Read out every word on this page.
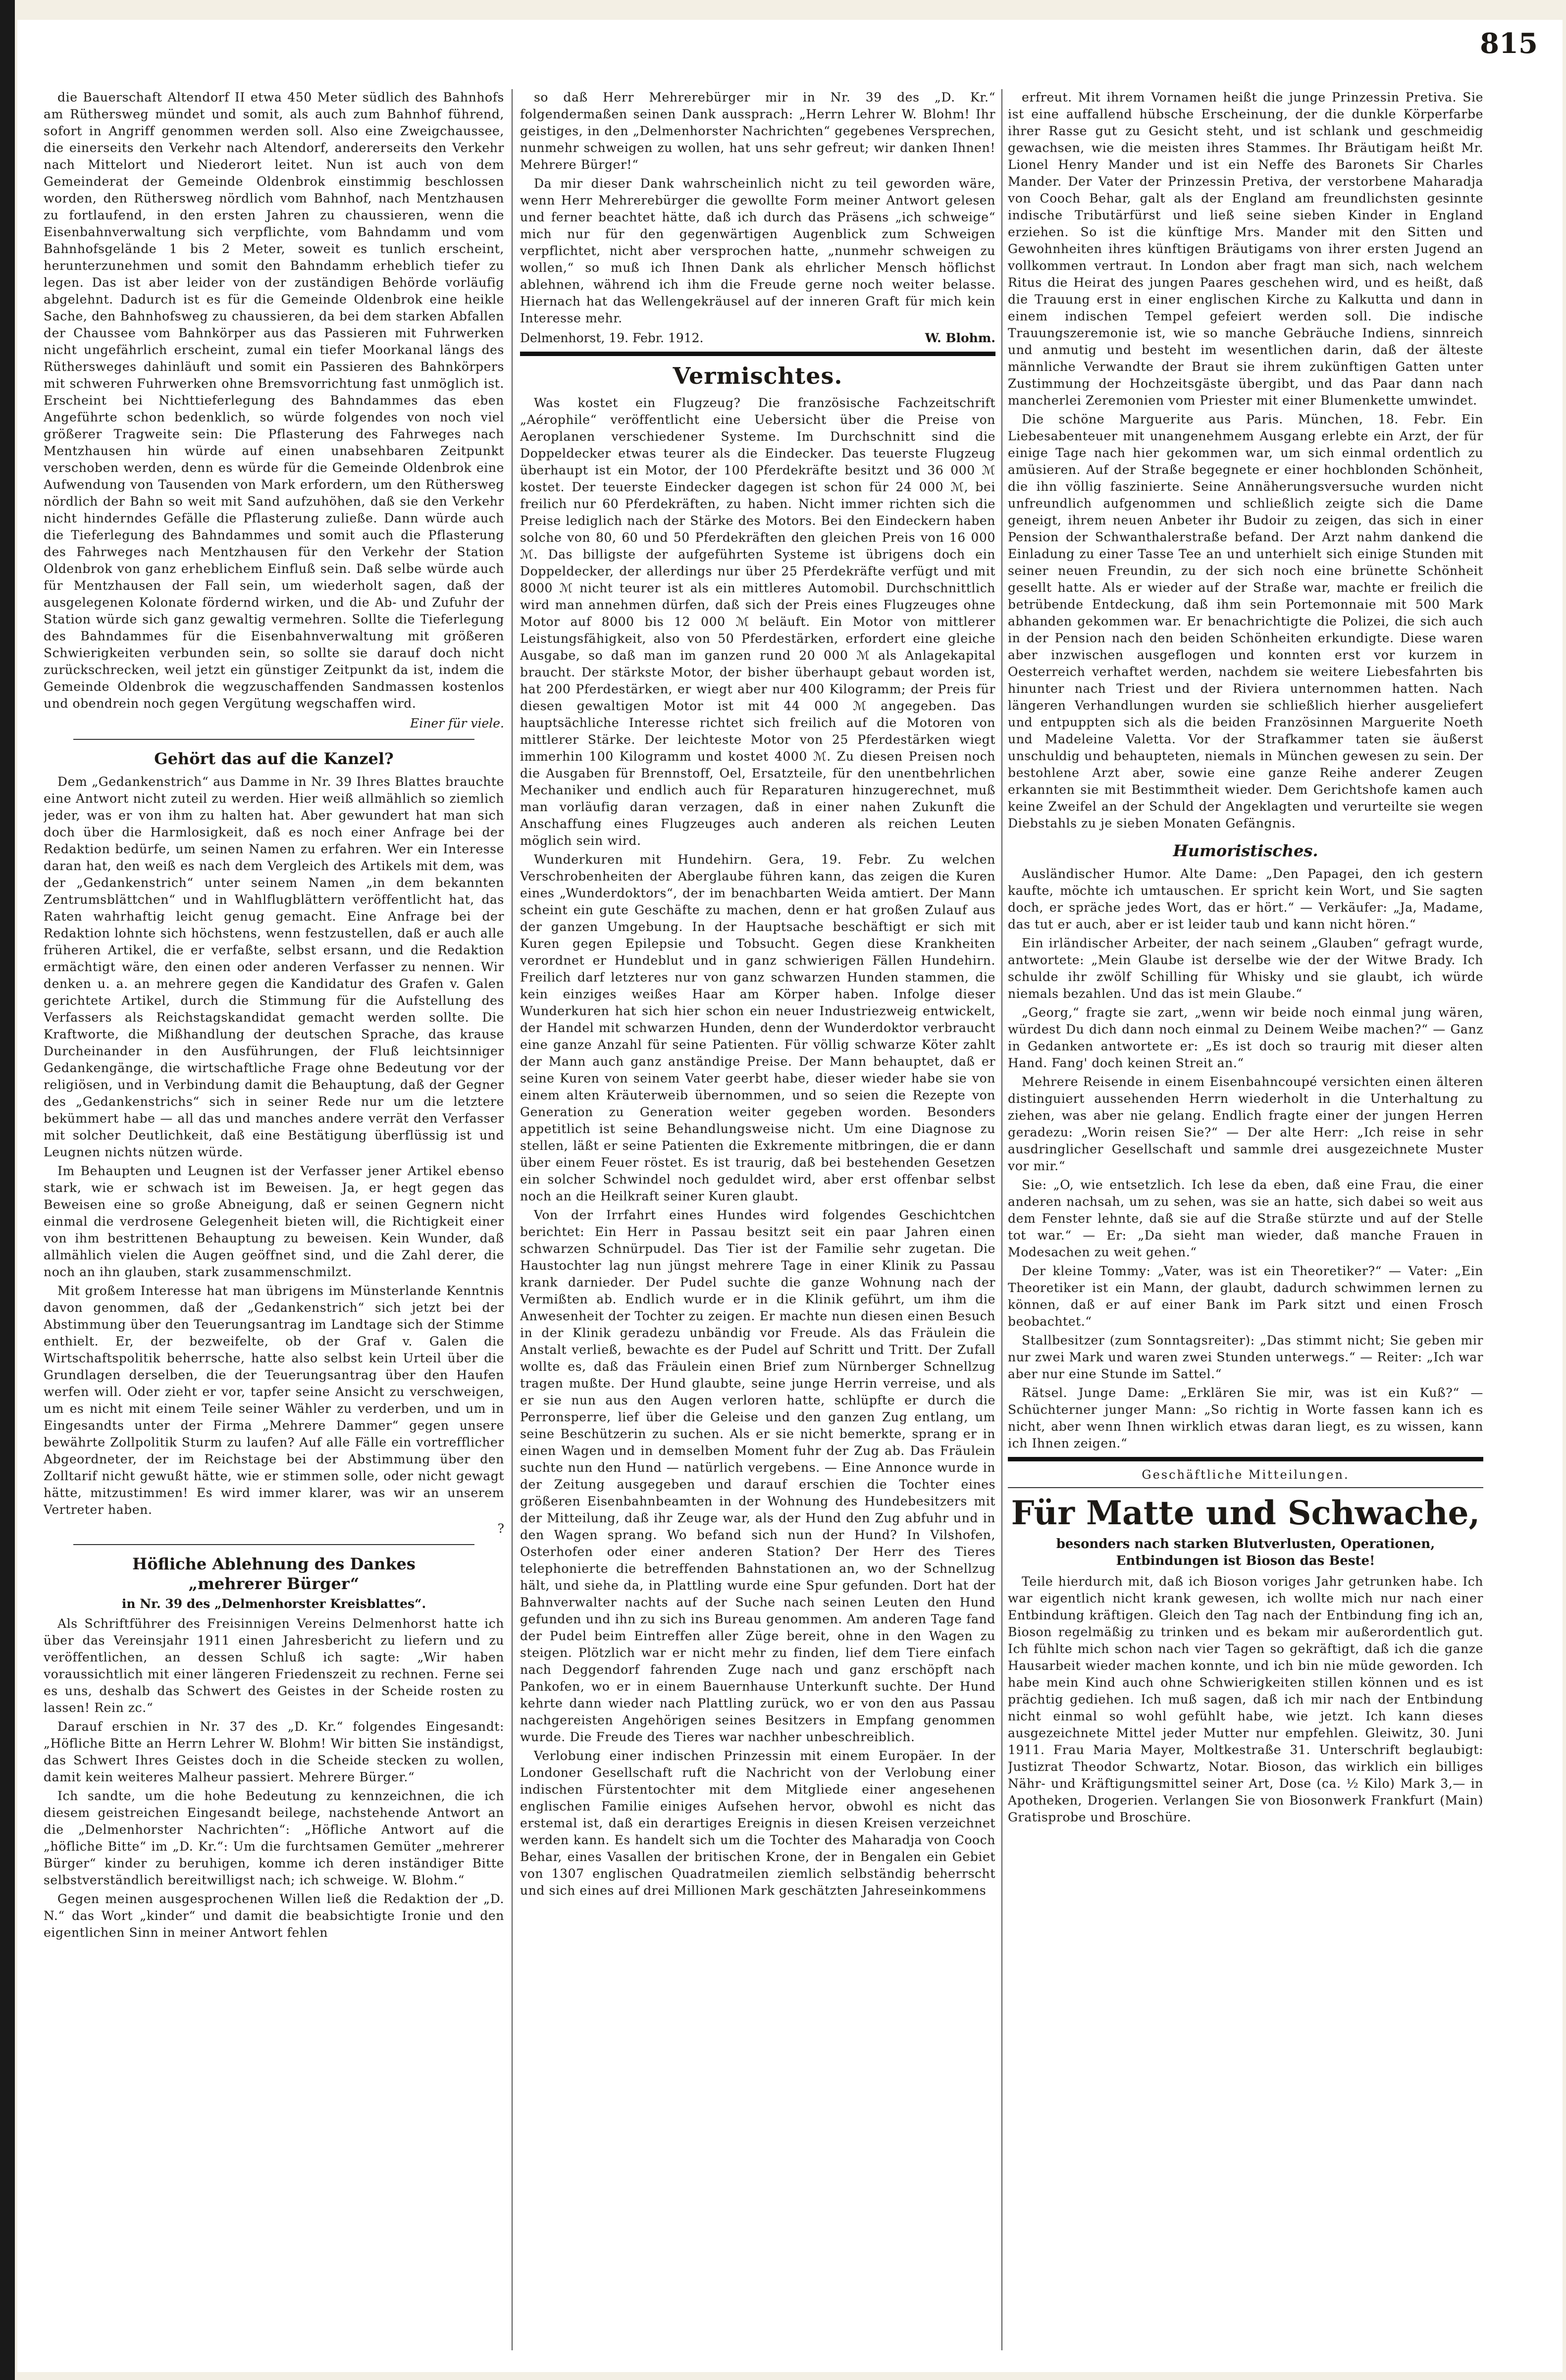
815

die Bauerschaft Altendorf II etwa 450 Meter südlich des Bahnhofs am Rüthersweg mündet und somit, als auch zum Bahnhof führend, sofort in Angriff genommen werden soll. Also eine Zweigchaussee, die einerseits den Verkehr nach Altendorf, andererseits den Verkehr nach Mittelort und Niederort leitet. Nun ist auch von dem Gemeinderat der Gemeinde Oldenbrok einstimmig beschlossen worden, den Rüthersweg nördlich vom Bahnhof, nach Mentzhausen zu fortlaufend, in den ersten Jahren zu chaussieren, wenn die Eisenbahnverwaltung sich verpflichte, vom Bahndamm und vom Bahnhofsgelände 1 bis 2 Meter, soweit es tunlich erscheint, herunterzunehmen und somit den Bahndamm erheblich tiefer zu legen. Das ist aber leider von der zuständigen Behörde vorläufig abgelehnt. Dadurch ist es für die Gemeinde Oldenbrok eine heikle Sache, den Bahnhofsweg zu chaussieren, da bei dem starken Abfallen der Chaussee vom Bahnkörper aus das Passieren mit Fuhrwerken nicht ungefährlich erscheint, zumal ein tiefer Moorkanal längs des Rüthersweges dahinläuft und somit ein Passieren des Bahnkörpers mit schweren Fuhrwerken ohne Bremsvorrichtung fast unmöglich ist. Erscheint bei Nichttieferlegung des Bahndammes das eben Angeführte schon bedenklich, so würde folgendes von noch viel größerer Tragweite sein: Die Pflasterung des Fahrweges nach Mentzhausen hin würde auf einen unabsehbaren Zeitpunkt verschoben werden, denn es würde für die Gemeinde Oldenbrok eine Aufwendung von Tausenden von Mark erfordern, um den Rüthersweg nördlich der Bahn so weit mit Sand aufzuhöhen, daß sie den Verkehr nicht hinderndes Gefälle die Pflasterung zuließe. Dann würde auch die Tieferlegung des Bahndammes und somit auch die Pflasterung des Fahrweges nach Mentzhausen für den Verkehr der Station Oldenbrok von ganz erheblichem Einfluß sein. Daß selbe würde auch für Mentzhausen der Fall sein, um wiederholt sagen, daß der ausgelegenen Kolonate fördernd wirken, und die Ab- und Zufuhr der Station würde sich ganz gewaltig vermehren. Sollte die Tieferlegung des Bahndammes für die Eisenbahnverwaltung mit größeren Schwierigkeiten verbunden sein, so sollte sie darauf doch nicht zurückschrecken, weil jetzt ein günstiger Zeitpunkt da ist, indem die Gemeinde Oldenbrok die wegzuschaffenden Sandmassen kostenlos und obendrein noch gegen Vergütung wegschaffen wird.

Einer für viele.
Gehört das auf die Kanzel?

Dem „Gedankenstrich“ aus Damme in Nr. 39 Ihres Blattes brauchte eine Antwort nicht zuteil zu werden. Hier weiß allmählich so ziemlich jeder, was er von ihm zu halten hat. Aber gewundert hat man sich doch über die Harmlosigkeit, daß es noch einer Anfrage bei der Redaktion bedürfe, um seinen Namen zu erfahren. Wer ein Interesse daran hat, den weiß es nach dem Vergleich des Artikels mit dem, was der „Gedankenstrich“ unter seinem Namen „in dem bekannten Zentrumsblättchen“ und in Wahlflugblättern veröffentlicht hat, das Raten wahrhaftig leicht genug gemacht. Eine Anfrage bei der Redaktion lohnte sich höchstens, wenn festzustellen, daß er auch alle früheren Artikel, die er verfaßte, selbst ersann, und die Redaktion ermächtigt wäre, den einen oder anderen Verfasser zu nennen. Wir denken u. a. an mehrere gegen die Kandidatur des Grafen v. Galen gerichtete Artikel, durch die Stimmung für die Aufstellung des Verfassers als Reichstagskandidat gemacht werden sollte. Die Kraftworte, die Mißhandlung der deutschen Sprache, das krause Durcheinander in den Ausführungen, der Fluß leichtsinniger Gedankengänge, die wirtschaftliche Frage ohne Bedeutung vor der religiösen, und in Verbindung damit die Behauptung, daß der Gegner des „Gedankenstrichs“ sich in seiner Rede nur um die letztere bekümmert habe — all das und manches andere verrät den Verfasser mit solcher Deutlichkeit, daß eine Bestätigung überflüssig ist und Leugnen nichts nützen würde.

Im Behaupten und Leugnen ist der Verfasser jener Artikel ebenso stark, wie er schwach ist im Beweisen. Ja, er hegt gegen das Beweisen eine so große Abneigung, daß er seinen Gegnern nicht einmal die verdrosene Gelegenheit bieten will, die Richtigkeit einer von ihm bestrittenen Behauptung zu beweisen. Kein Wunder, daß allmählich vielen die Augen geöffnet sind, und die Zahl derer, die noch an ihn glauben, stark zusammenschmilzt.

Mit großem Interesse hat man übrigens im Münsterlande Kenntnis davon genommen, daß der „Gedankenstrich“ sich jetzt bei der Abstimmung über den Teuerungsantrag im Landtage sich der Stimme enthielt. Er, der bezweifelte, ob der Graf v. Galen die Wirtschaftspolitik beherrsche, hatte also selbst kein Urteil über die Grundlagen derselben, die der Teuerungsantrag über den Haufen werfen will. Oder zieht er vor, tapfer seine Ansicht zu verschweigen, um es nicht mit einem Teile seiner Wähler zu verderben, und um in Eingesandts unter der Firma „Mehrere Dammer“ gegen unsere bewährte Zollpolitik Sturm zu laufen? Auf alle Fälle ein vortrefflicher Abgeordneter, der im Reichstage bei der Abstimmung über den Zolltarif nicht gewußt hätte, wie er stimmen solle, oder nicht gewagt hätte, mitzustimmen! Es wird immer klarer, was wir an unserem Vertreter haben.

?
Höfliche Ablehnung des Dankes
„mehrerer Bürger“
in Nr. 39 des „Delmenhorster Kreisblattes“.

Als Schriftführer des Freisinnigen Vereins Delmenhorst hatte ich über das Vereinsjahr 1911 einen Jahresbericht zu liefern und zu veröffentlichen, an dessen Schluß ich sagte: „Wir haben voraussichtlich mit einer längeren Friedenszeit zu rechnen. Ferne sei es uns, deshalb das Schwert des Geistes in der Scheide rosten zu lassen! Rein zc.“

Darauf erschien in Nr. 37 des „D. Kr.“ folgendes Eingesandt: „Höfliche Bitte an Herrn Lehrer W. Blohm! Wir bitten Sie inständigst, das Schwert Ihres Geistes doch in die Scheide stecken zu wollen, damit kein weiteres Malheur passiert. Mehrere Bürger.“

Ich sandte, um die hohe Bedeutung zu kennzeichnen, die ich diesem geistreichen Eingesandt beilege, nachstehende Antwort an die „Delmenhorster Nachrichten“: „Höfliche Antwort auf die „höfliche Bitte“ im „D. Kr.“: Um die furchtsamen Gemüter „mehrerer Bürger“ kinder zu beruhigen, komme ich deren inständiger Bitte selbstverständlich bereitwilligst nach; ich schweige. W. Blohm.“

Gegen meinen ausgesprochenen Willen ließ die Redaktion der „D. N.“ das Wort „kinder“ und damit die beabsichtigte Ironie und den eigentlichen Sinn in meiner Antwort fehlen

so daß Herr Mehrerebürger mir in Nr. 39 des „D. Kr.“ folgendermaßen seinen Dank aussprach: „Herrn Lehrer W. Blohm! Ihr geistiges, in den „Delmenhorster Nachrichten“ gegebenes Versprechen, nunmehr schweigen zu wollen, hat uns sehr gefreut; wir danken Ihnen! Mehrere Bürger!“

Da mir dieser Dank wahrscheinlich nicht zu teil geworden wäre, wenn Herr Mehrerebürger die gewollte Form meiner Antwort gelesen und ferner beachtet hätte, daß ich durch das Präsens „ich schweige“ mich nur für den gegenwärtigen Augenblick zum Schweigen verpflichtet, nicht aber versprochen hatte, „nunmehr schweigen zu wollen,“ so muß ich Ihnen Dank als ehrlicher Mensch höflichst ablehnen, während ich ihm die Freude gerne noch weiter belasse. Hiernach hat das Wellengekräusel auf der inneren Graft für mich kein Interesse mehr.

Delmenhorst, 19. Febr. 1912.	W. Blohm.
Vermischtes.

Was kostet ein Flugzeug? Die französische Fachzeitschrift „Aérophile“ veröffentlicht eine Uebersicht über die Preise von Aeroplanen verschiedener Systeme. Im Durchschnitt sind die Doppeldecker etwas teurer als die Eindecker. Das teuerste Flugzeug überhaupt ist ein Motor, der 100 Pferdekräfte besitzt und 36 000 ℳ kostet. Der teuerste Eindecker dagegen ist schon für 24 000 ℳ, bei freilich nur 60 Pferdekräften, zu haben. Nicht immer richten sich die Preise lediglich nach der Stärke des Motors. Bei den Eindeckern haben solche von 80, 60 und 50 Pferdekräften den gleichen Preis von 16 000 ℳ. Das billigste der aufgeführten Systeme ist übrigens doch ein Doppeldecker, der allerdings nur über 25 Pferdekräfte verfügt und mit 8000 ℳ nicht teurer ist als ein mittleres Automobil. Durchschnittlich wird man annehmen dürfen, daß sich der Preis eines Flugzeuges ohne Motor auf 8000 bis 12 000 ℳ beläuft. Ein Motor von mittlerer Leistungsfähigkeit, also von 50 Pferdestärken, erfordert eine gleiche Ausgabe, so daß man im ganzen rund 20 000 ℳ als Anlagekapital braucht. Der stärkste Motor, der bisher überhaupt gebaut worden ist, hat 200 Pferdestärken, er wiegt aber nur 400 Kilogramm; der Preis für diesen gewaltigen Motor ist mit 44 000 ℳ angegeben. Das hauptsächliche Interesse richtet sich freilich auf die Motoren von mittlerer Stärke. Der leichteste Motor von 25 Pferdestärken wiegt immerhin 100 Kilogramm und kostet 4000 ℳ. Zu diesen Preisen noch die Ausgaben für Brennstoff, Oel, Ersatzteile, für den unentbehrlichen Mechaniker und endlich auch für Reparaturen hinzugerechnet, muß man vorläufig daran verzagen, daß in einer nahen Zukunft die Anschaffung eines Flugzeuges auch anderen als reichen Leuten möglich sein wird.

Wunderkuren mit Hundehirn. Gera, 19. Febr. Zu welchen Verschrobenheiten der Aberglaube führen kann, das zeigen die Kuren eines „Wunderdoktors“, der im benachbarten Weida amtiert. Der Mann scheint ein gute Geschäfte zu machen, denn er hat großen Zulauf aus der ganzen Umgebung. In der Hauptsache beschäftigt er sich mit Kuren gegen Epilepsie und Tobsucht. Gegen diese Krankheiten verordnet er Hundeblut und in ganz schwierigen Fällen Hundehirn. Freilich darf letzteres nur von ganz schwarzen Hunden stammen, die kein einziges weißes Haar am Körper haben. Infolge dieser Wunderkuren hat sich hier schon ein neuer Industriezweig entwickelt, der Handel mit schwarzen Hunden, denn der Wunderdoktor verbraucht eine ganze Anzahl für seine Patienten. Für völlig schwarze Köter zahlt der Mann auch ganz anständige Preise. Der Mann behauptet, daß er seine Kuren von seinem Vater geerbt habe, dieser wieder habe sie von einem alten Kräuterweib übernommen, und so seien die Rezepte von Generation zu Generation weiter gegeben worden. Besonders appetitlich ist seine Behandlungsweise nicht. Um eine Diagnose zu stellen, läßt er seine Patienten die Exkremente mitbringen, die er dann über einem Feuer röstet. Es ist traurig, daß bei bestehenden Gesetzen ein solcher Schwindel noch geduldet wird, aber erst offenbar selbst noch an die Heilkraft seiner Kuren glaubt.

Von der Irrfahrt eines Hundes wird folgendes Geschichtchen berichtet: Ein Herr in Passau besitzt seit ein paar Jahren einen schwarzen Schnürpudel. Das Tier ist der Familie sehr zugetan. Die Haustochter lag nun jüngst mehrere Tage in einer Klinik zu Passau krank darnieder. Der Pudel suchte die ganze Wohnung nach der Vermißten ab. Endlich wurde er in die Klinik geführt, um ihm die Anwesenheit der Tochter zu zeigen. Er machte nun diesen einen Besuch in der Klinik geradezu unbändig vor Freude. Als das Fräulein die Anstalt verließ, bewachte es der Pudel auf Schritt und Tritt. Der Zufall wollte es, daß das Fräulein einen Brief zum Nürnberger Schnellzug tragen mußte. Der Hund glaubte, seine junge Herrin verreise, und als er sie nun aus den Augen verloren hatte, schlüpfte er durch die Perronsperre, lief über die Geleise und den ganzen Zug entlang, um seine Beschützerin zu suchen. Als er sie nicht bemerkte, sprang er in einen Wagen und in demselben Moment fuhr der Zug ab. Das Fräulein suchte nun den Hund — natürlich vergebens. — Eine Annonce wurde in der Zeitung ausgegeben und darauf erschien die Tochter eines größeren Eisenbahnbeamten in der Wohnung des Hundebesitzers mit der Mitteilung, daß ihr Zeuge war, als der Hund den Zug abfuhr und in den Wagen sprang. Wo befand sich nun der Hund? In Vilshofen, Osterhofen oder einer anderen Station? Der Herr des Tieres telephonierte die betreffenden Bahnstationen an, wo der Schnellzug hält, und siehe da, in Plattling wurde eine Spur gefunden. Dort hat der Bahnverwalter nachts auf der Suche nach seinen Leuten den Hund gefunden und ihn zu sich ins Bureau genommen. Am anderen Tage fand der Pudel beim Eintreffen aller Züge bereit, ohne in den Wagen zu steigen. Plötzlich war er nicht mehr zu finden, lief dem Tiere einfach nach Deggendorf fahrenden Zuge nach und ganz erschöpft nach Pankofen, wo er in einem Bauernhause Unterkunft suchte. Der Hund kehrte dann wieder nach Plattling zurück, wo er von den aus Passau nachgereisten Angehörigen seines Besitzers in Empfang genommen wurde. Die Freude des Tieres war nachher unbeschreiblich.

Verlobung einer indischen Prinzessin mit einem Europäer. In der Londoner Gesellschaft ruft die Nachricht von der Verlobung einer indischen Fürstentochter mit dem Mitgliede einer angesehenen englischen Familie einiges Aufsehen hervor, obwohl es nicht das erstemal ist, daß ein derartiges Ereignis in diesen Kreisen verzeichnet werden kann. Es handelt sich um die Tochter des Maharadja von Cooch Behar, eines Vasallen der britischen Krone, der in Bengalen ein Gebiet von 1307 englischen Quadratmeilen ziemlich selbständig beherrscht und sich eines auf drei Millionen Mark geschätzten Jahreseinkommens

erfreut. Mit ihrem Vornamen heißt die junge Prinzessin Pretiva. Sie ist eine auffallend hübsche Erscheinung, der die dunkle Körperfarbe ihrer Rasse gut zu Gesicht steht, und ist schlank und geschmeidig gewachsen, wie die meisten ihres Stammes. Ihr Bräutigam heißt Mr. Lionel Henry Mander und ist ein Neffe des Baronets Sir Charles Mander. Der Vater der Prinzessin Pretiva, der verstorbene Maharadja von Cooch Behar, galt als der England am freundlichsten gesinnte indische Tributärfürst und ließ seine sieben Kinder in England erziehen. So ist die künftige Mrs. Mander mit den Sitten und Gewohnheiten ihres künftigen Bräutigams von ihrer ersten Jugend an vollkommen vertraut. In London aber fragt man sich, nach welchem Ritus die Heirat des jungen Paares geschehen wird, und es heißt, daß die Trauung erst in einer englischen Kirche zu Kalkutta und dann in einem indischen Tempel gefeiert werden soll. Die indische Trauungszeremonie ist, wie so manche Gebräuche Indiens, sinnreich und anmutig und besteht im wesentlichen darin, daß der älteste männliche Verwandte der Braut sie ihrem zukünftigen Gatten unter Zustimmung der Hochzeitsgäste übergibt, und das Paar dann nach mancherlei Zeremonien vom Priester mit einer Blumenkette umwindet.

Die schöne Marguerite aus Paris. München, 18. Febr. Ein Liebesabenteuer mit unangenehmem Ausgang erlebte ein Arzt, der für einige Tage nach hier gekommen war, um sich einmal ordentlich zu amüsieren. Auf der Straße begegnete er einer hochblonden Schönheit, die ihn völlig faszinierte. Seine Annäherungsversuche wurden nicht unfreundlich aufgenommen und schließlich zeigte sich die Dame geneigt, ihrem neuen Anbeter ihr Budoir zu zeigen, das sich in einer Pension der Schwanthalerstraße befand. Der Arzt nahm dankend die Einladung zu einer Tasse Tee an und unterhielt sich einige Stunden mit seiner neuen Freundin, zu der sich noch eine brünette Schönheit gesellt hatte. Als er wieder auf der Straße war, machte er freilich die betrübende Entdeckung, daß ihm sein Portemonnaie mit 500 Mark abhanden gekommen war. Er benachrichtigte die Polizei, die sich auch in der Pension nach den beiden Schönheiten erkundigte. Diese waren aber inzwischen ausgeflogen und konnten erst vor kurzem in Oesterreich verhaftet werden, nachdem sie weitere Liebesfahrten bis hinunter nach Triest und der Riviera unternommen hatten. Nach längeren Verhandlungen wurden sie schließlich hierher ausgeliefert und entpuppten sich als die beiden Französinnen Marguerite Noeth und Madeleine Valetta. Vor der Strafkammer taten sie äußerst unschuldig und behaupteten, niemals in München gewesen zu sein. Der bestohlene Arzt aber, sowie eine ganze Reihe anderer Zeugen erkannten sie mit Bestimmtheit wieder. Dem Gerichtshofe kamen auch keine Zweifel an der Schuld der Angeklagten und verurteilte sie wegen Diebstahls zu je sieben Monaten Gefängnis.

Humoristisches.

Ausländischer Humor. Alte Dame: „Den Papagei, den ich gestern kaufte, möchte ich umtauschen. Er spricht kein Wort, und Sie sagten doch, er spräche jedes Wort, das er hört.“ — Verkäufer: „Ja, Madame, das tut er auch, aber er ist leider taub und kann nicht hören.“

Ein irländischer Arbeiter, der nach seinem „Glauben“ gefragt wurde, antwortete: „Mein Glaube ist derselbe wie der der Witwe Brady. Ich schulde ihr zwölf Schilling für Whisky und sie glaubt, ich würde niemals bezahlen. Und das ist mein Glaube.“

„Georg,“ fragte sie zart, „wenn wir beide noch einmal jung wären, würdest Du dich dann noch einmal zu Deinem Weibe machen?“ — Ganz in Gedanken antwortete er: „Es ist doch so traurig mit dieser alten Hand. Fang' doch keinen Streit an.“

Mehrere Reisende in einem Eisenbahncoupé versichten einen älteren distinguiert aussehenden Herrn wiederholt in die Unterhaltung zu ziehen, was aber nie gelang. Endlich fragte einer der jungen Herren geradezu: „Worin reisen Sie?“ — Der alte Herr: „Ich reise in sehr ausdringlicher Gesellschaft und sammle drei ausgezeichnete Muster vor mir.“

Sie: „O, wie entsetzlich. Ich lese da eben, daß eine Frau, die einer anderen nachsah, um zu sehen, was sie an hatte, sich dabei so weit aus dem Fenster lehnte, daß sie auf die Straße stürzte und auf der Stelle tot war.“ — Er: „Da sieht man wieder, daß manche Frauen in Modesachen zu weit gehen.“

Der kleine Tommy: „Vater, was ist ein Theoretiker?“ — Vater: „Ein Theoretiker ist ein Mann, der glaubt, dadurch schwimmen lernen zu können, daß er auf einer Bank im Park sitzt und einen Frosch beobachtet.“

Stallbesitzer (zum Sonntagsreiter): „Das stimmt nicht; Sie geben mir nur zwei Mark und waren zwei Stunden unterwegs.“ — Reiter: „Ich war aber nur eine Stunde im Sattel.“

Rätsel. Junge Dame: „Erklären Sie mir, was ist ein Kuß?“ — Schüchterner junger Mann: „So richtig in Worte fassen kann ich es nicht, aber wenn Ihnen wirklich etwas daran liegt, es zu wissen, kann ich Ihnen zeigen.“

Geschäftliche Mitteilungen.
Für Matte und Schwache,
besonders nach starken Blutverlusten, Operationen,
Entbindungen ist Bioson das Beste!

Teile hierdurch mit, daß ich Bioson voriges Jahr getrunken habe. Ich war eigentlich nicht krank gewesen, ich wollte mich nur nach einer Entbindung kräftigen. Gleich den Tag nach der Entbindung fing ich an, Bioson regelmäßig zu trinken und es bekam mir außerordentlich gut. Ich fühlte mich schon nach vier Tagen so gekräftigt, daß ich die ganze Hausarbeit wieder machen konnte, und ich bin nie müde geworden. Ich habe mein Kind auch ohne Schwierigkeiten stillen können und es ist prächtig gediehen. Ich muß sagen, daß ich mir nach der Entbindung nicht einmal so wohl gefühlt habe, wie jetzt. Ich kann dieses ausgezeichnete Mittel jeder Mutter nur empfehlen. Gleiwitz, 30. Juni 1911. Frau Maria Mayer, Moltkestraße 31. Unterschrift beglaubigt: Justizrat Theodor Schwartz, Notar. Bioson, das wirklich ein billiges Nähr- und Kräftigungsmittel seiner Art, Dose (ca. ½ Kilo) Mark 3,— in Apotheken, Drogerien. Verlangen Sie von Biosonwerk Frankfurt (Main) Gratisprobe und Broschüre.
